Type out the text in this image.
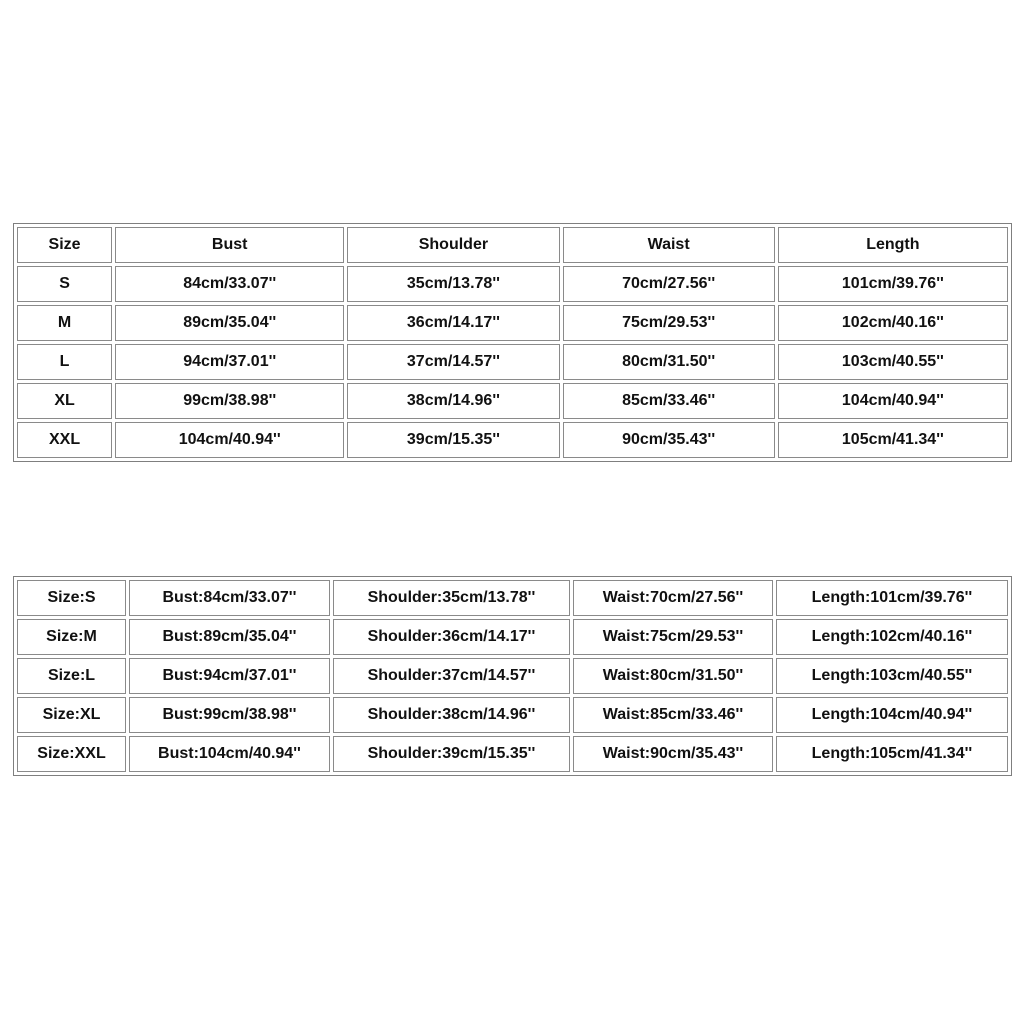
Size	Bust	Shoulder	Waist	Length
S	84cm/33.07''	35cm/13.78''	70cm/27.56''	101cm/39.76''
M	89cm/35.04''	36cm/14.17''	75cm/29.53''	102cm/40.16''
L	94cm/37.01''	37cm/14.57''	80cm/31.50''	103cm/40.55''
XL	99cm/38.98''	38cm/14.96''	85cm/33.46''	104cm/40.94''
XXL	104cm/40.94''	39cm/15.35''	90cm/35.43''	105cm/41.34''
Size:S	Bust:84cm/33.07''	Shoulder:35cm/13.78''	Waist:70cm/27.56''	Length:101cm/39.76''
Size:M	Bust:89cm/35.04''	Shoulder:36cm/14.17''	Waist:75cm/29.53''	Length:102cm/40.16''
Size:L	Bust:94cm/37.01''	Shoulder:37cm/14.57''	Waist:80cm/31.50''	Length:103cm/40.55''
Size:XL	Bust:99cm/38.98''	Shoulder:38cm/14.96''	Waist:85cm/33.46''	Length:104cm/40.94''
Size:XXL	Bust:104cm/40.94''	Shoulder:39cm/15.35''	Waist:90cm/35.43''	Length:105cm/41.34''
